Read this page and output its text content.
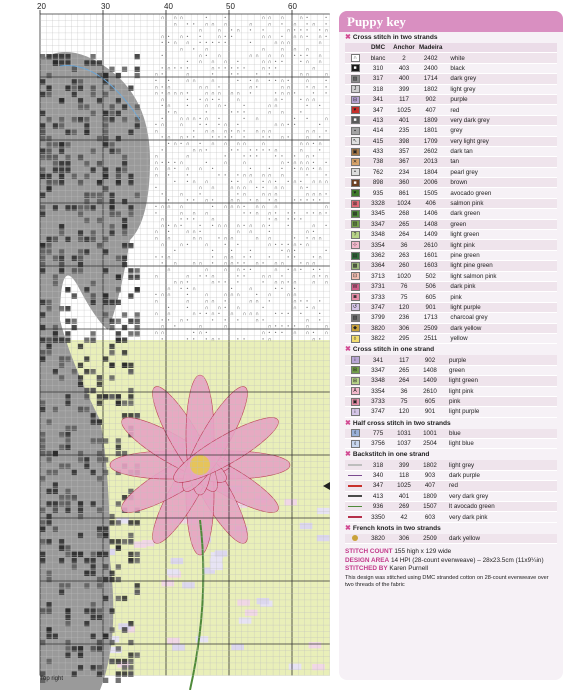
∩ ∩ ∩	•	•	∩ ∩ ∩	∩ •	•
∩ • • ∩ ∩ ∩	∩	∩ • ∩ • ∩ •
∩	∩ • ∩ • •	∩ • • • • ∩
∩ • ∩ • •	∩ • •	∩ ∩ • ∩ ∩ • ∩ •
• • ∩ ∩ • • • • •	•	∩ ∩ ∩	∩
∩ • ∩	∩	∩ ∩ ∩
•	∩ • ∩	∩ ∩ ∩ ∩ • • • ∩
• ∩ ∩ ∩ •	∩ ∩ • •	• ∩ ∩
• ∩ • • •	∩ • • • • •	∩ • •	∩
∩ •	∩	•	• •	• •	∩ ∩	∩
• •	∩ ∩	∩	• • ∩ • • ∩ •	∩	•
∩ • ∩	∩ ∩ •	∩ •	∩ ∩	• ∩ •
∩ • ∩ ∩ ∩ •	∩ ∩ ∩ ∩ ∩ •	• ∩ ∩ •	• •
∩	• • ∩ • •	∩	∩ •	• ∩ ∩
• ∩	•	∩ ∩ •	•	∩ ∩	• •
• ∩	•	• • •	∩ ∩	•
•	∩ ∩ ∩ • ∩ •	• ∩	• •	∩
• ∩	∩	• • • ∩ •	∩ ∩ • •	•
∩	• ∩ ∩ ∩ • ∩ • ∩ ∩ ∩	∩ ∩ •
• ∩ ∩ • •	• • • • •	• • ∩ •	∩ •
• ∩ • ∩ • ∩ ∩ ∩ ∩	∩	∩ ∩ • ∩
•	∩ ∩ •	• • • • • • ∩	∩	•
∩	∩	•	• • •	• • • ∩ •
∩ • • • ∩	•	∩	∩	∩ • ∩ ∩ ∩ • •
∩ ∩ • ∩ ∩ •	•	• • • ∩ ∩ • ∩
∩ •	•	• • • ∩ ∩ ∩ ∩ ∩	•	•
• • ∩ ∩	• • ∩ • ∩ • • ∩ • ∩ ∩ ∩
•	∩ ∩	∩ ∩ ∩ • • ∩ ∩	∩ •
•	∩	•	• ∩	∩ ∩ ∩	∩ ∩ ∩ •
•	• • ∩ •	∩ ∩ • ∩ • ∩	• • • • •
• ∩ ∩ ∩	• ∩ ∩ ∩ • ∩ ∩ ∩	∩
•	∩ ∩ ∩	• • ∩ ∩ • • • • • ∩ •
∩	• • •	∩	• ∩ • • •
∩ • ∩ •	• • ∩ ∩ ∩ • ∩ ∩ •	•	∩ •
∩ •	∩ ∩ •	∩ ∩	•	∩ •
∩ ∩	∩ ∩	• ∩ ∩	∩ ∩	• • ∩ ∩
∩	∩ •	∩	• •	∩ • • • ∩ • ∩
•	•	•	•	• ∩ •	•
• • ∩	• ∩ ∩ • •	•	• •	• ∩
• ∩	∩ ∩ • ∩ ∩ • • ∩ • ∩ ∩	• ∩ ∩
∩	∩	∩ ∩ • •	∩ • ∩ • • •
∩	∩ • • ∩	• •	∩ ∩ •	∩ • ∩
∩ ∩ •	∩ • • •	• ∩ ∩ • ∩	∩ ∩
∩ • • ∩	•	∩	• • •
• ∩ ∩	•	∩	∩ ∩ ∩	• ∩	∩ ∩
∩	∩	∩ ∩ •	∩ ∩ •	∩ • • •
•	•	∩ ∩ • ∩	•	∩ • ∩
∩ ∩	∩ • • ∩ • ∩ ∩ ∩ ∩	• • • •	•
• • ∩ •	• • •	∩ •	∩ •
∩ •	∩	∩	∩ • • • • ∩	∩
∩ ∩	• ∩ •	∩ • • • ∩ ∩ • ∩
•	• • • ∩ •	• •	• ∩	∩ •
20	30	40	50	60
Top right
Puppy key
✖ Cross stitch in two strands
	DMC	Anchor	Madeira	
∩	blanc	2	2402	white
■	310	403	2400	black
▨	317	400	1714	dark grey
J	318	399	1802	light grey
⊟	341	117	902	purple
♥	347	1025	407	red
■	413	401	1809	very dark grey
▪	414	235	1801	grey
↖	415	398	1709	very light grey
▣	433	357	2602	dark tan
✕	738	367	2013	tan
•	762	234	1804	pearl grey
■	898	360	2006	brown
♥	935	861	1505	avocado green
⊠	3328	1024	406	salmon pink
▦	3345	268	1406	dark green
▥	3347	265	1408	green
?	3348	264	1409	light green
⊹	3354	36	2610	light pink
▤	3362	263	1601	pine green
▩	3364	260	1603	light pine green
⊡	3713	1020	502	light salmon pink
W	3731	76	506	dark pink
◙	3733	75	605	pink
↺	3747	120	901	light purple
▧	3799	236	1713	charcoal grey
◆	3820	306	2509	dark yellow
◊	3822	295	2511	yellow
✖ Cross stitch in one strand
ⅰ	341	117	902	purple
⊞	3347	265	1408	green
⊞	3348	264	1409	light green
A	3354	36	2610	light pink
▣	3733	75	605	pink
ⅰ	3747	120	901	light purple
✖ Half cross stitch in two strands
ℓ	775	1031	1001	blue
ℓ	3756	1037	2504	light blue
✖ Backstitch in one strand
	318	399	1802	light grey
	340	118	903	dark purple
	347	1025	407	red
	413	401	1809	very dark grey
	936	269	1507	lt avocado green
	3350	42	603	very dark pink
✖ French knots in two strands
	3820	306	2509	dark yellow
STITCH COUNT 155 high x 129 wide
DESIGN AREA 14 HPI (28-count evenweave) – 28x23.5cm (11x9¼in)
STITCHED BY Karen Purnell
This design was stitched using DMC stranded cotton on 28-count evenweave over two threads of the fabric
